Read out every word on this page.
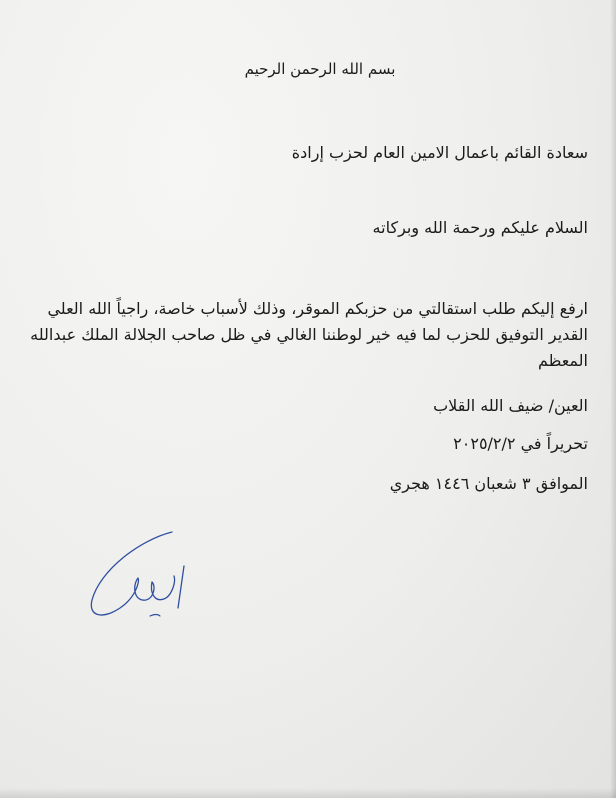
بسم الله الرحمن الرحيم
سعادة القائم باعمال الامين العام لحزب إرادة
السلام عليكم ورحمة الله وبركاته
ارفع إليكم طلب استقالتي من حزبكم الموقر، وذلك لأسباب خاصة، راجياً الله العلي القدير التوفيق للحزب لما فيه خير لوطننا الغالي في ظل صاحب الجلالة الملك عبدالله المعظم
العين/ ضيف الله القلاب
تحريراً في ٢٠٢٥/٢/٢
الموافق ٣ شعبان ١٤٤٦ هجري
